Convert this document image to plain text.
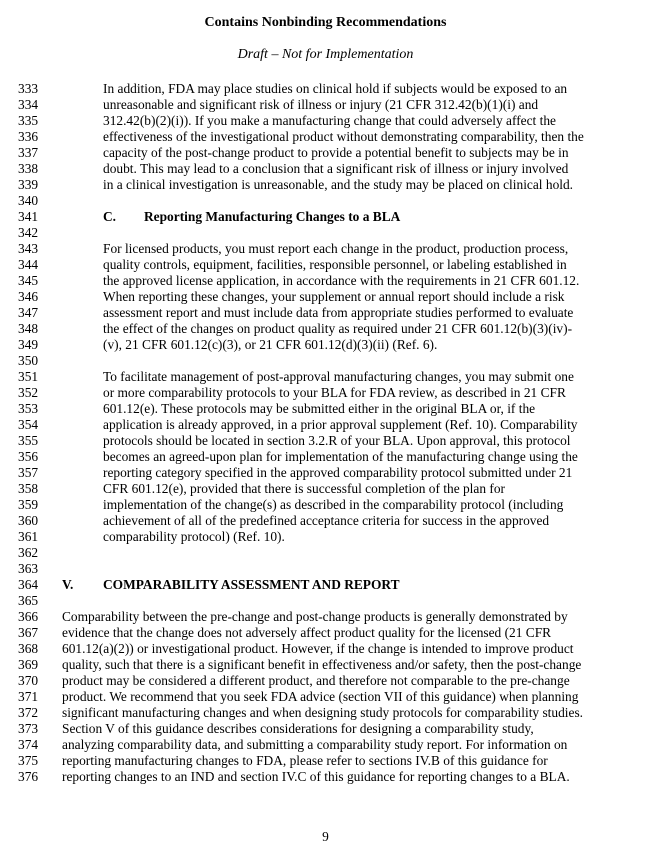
Contains Nonbinding Recommendations
Draft – Not for Implementation
333	In addition, FDA may place studies on clinical hold if subjects would be exposed to an
334	unreasonable and significant risk of illness or injury (21 CFR 312.42(b)(1)(i) and
335	312.42(b)(2)(i)). If you make a manufacturing change that could adversely affect the
336	effectiveness of the investigational product without demonstrating comparability, then the
337	capacity of the post-change product to provide a potential benefit to subjects may be in
338	doubt. This may lead to a conclusion that a significant risk of illness or injury involved
339	in a clinical investigation is unreasonable, and the study may be placed on clinical hold.
340
341	C. Reporting Manufacturing Changes to a BLA
342
343	For licensed products, you must report each change in the product, production process,
344	quality controls, equipment, facilities, responsible personnel, or labeling established in
345	the approved license application, in accordance with the requirements in 21 CFR 601.12.
346	When reporting these changes, your supplement or annual report should include a risk
347	assessment report and must include data from appropriate studies performed to evaluate
348	the effect of the changes on product quality as required under 21 CFR 601.12(b)(3)(iv)-
349	(v), 21 CFR 601.12(c)(3), or 21 CFR 601.12(d)(3)(ii) (Ref. 6).
350
351	To facilitate management of post-approval manufacturing changes, you may submit one
352	or more comparability protocols to your BLA for FDA review, as described in 21 CFR
353	601.12(e). These protocols may be submitted either in the original BLA or, if the
354	application is already approved, in a prior approval supplement (Ref. 10). Comparability
355	protocols should be located in section 3.2.R of your BLA. Upon approval, this protocol
356	becomes an agreed-upon plan for implementation of the manufacturing change using the
357	reporting category specified in the approved comparability protocol submitted under 21
358	CFR 601.12(e), provided that there is successful completion of the plan for
359	implementation of the change(s) as described in the comparability protocol (including
360	achievement of all of the predefined acceptance criteria for success in the approved
361	comparability protocol) (Ref. 10).
362
363
364 V. COMPARABILITY ASSESSMENT AND REPORT
365
366 Comparability between the pre-change and post-change products is generally demonstrated by
367 evidence that the change does not adversely affect product quality for the licensed (21 CFR
368 601.12(a)(2)) or investigational product. However, if the change is intended to improve product
369 quality, such that there is a significant benefit in effectiveness and/or safety, then the post-change
370 product may be considered a different product, and therefore not comparable to the pre-change
371 product. We recommend that you seek FDA advice (section VII of this guidance) when planning
372 significant manufacturing changes and when designing study protocols for comparability studies.
373 Section V of this guidance describes considerations for designing a comparability study,
374 analyzing comparability data, and submitting a comparability study report. For information on
375 reporting manufacturing changes to FDA, please refer to sections IV.B of this guidance for
376 reporting changes to an IND and section IV.C of this guidance for reporting changes to a BLA.
9
